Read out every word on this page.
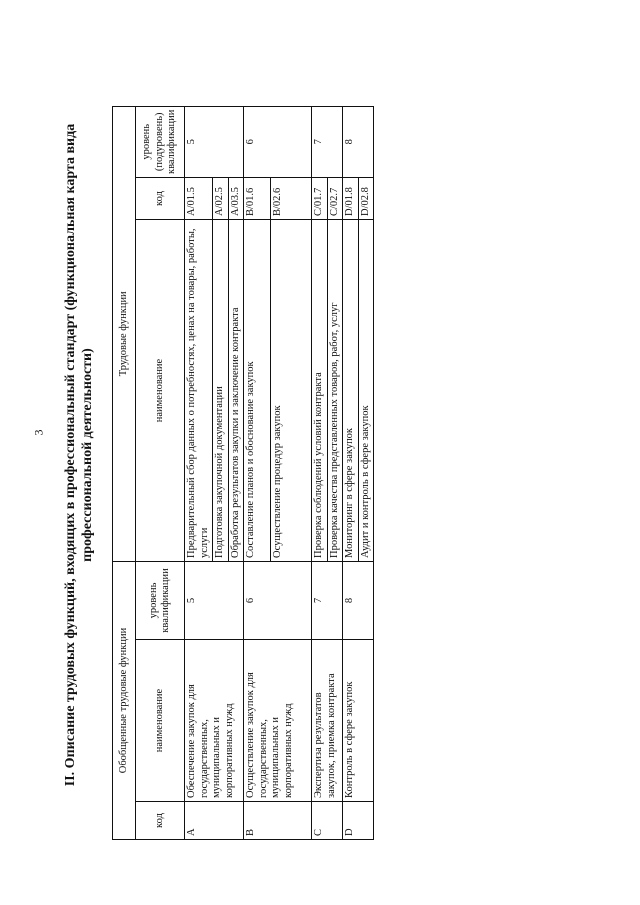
3 II. Описание трудовых функций, входящих в профессиональный стандарт (функциональная карта вида профессиональной деятельности)
Обобщенные трудовые функции			Трудовые функции		
код	наименование	уровень квалификации	наименование	код	уровень (подуровень) квалификации
A	Обеспечение закупок для государственных, муниципальных и корпоративных нужд	5	Предварительный сбор данных о потребностях, ценах на товары, работы, услуги	A/01.5	5
			Подготовка закупочной документации	A/02.5	
			Обработка результатов закупки и заключение контракта	A/03.5	
B	Осуществление закупок для государственных, муниципальных и корпоративных нужд	6	Составление планов и обоснование закупок	B/01.6	6
			Осуществление процедур закупок	B/02.6	
C	Экспертиза результатов закупок, приемка контракта	7	Проверка соблюдений условий контракта	C/01.7	7
			Проверка качества представленных товаров, работ, услуг	C/02.7	
D	Контроль в сфере закупок	8	Мониторинг в сфере закупок	D/01.8	8
			Аудит и контроль в сфере закупок	D/02.8	
